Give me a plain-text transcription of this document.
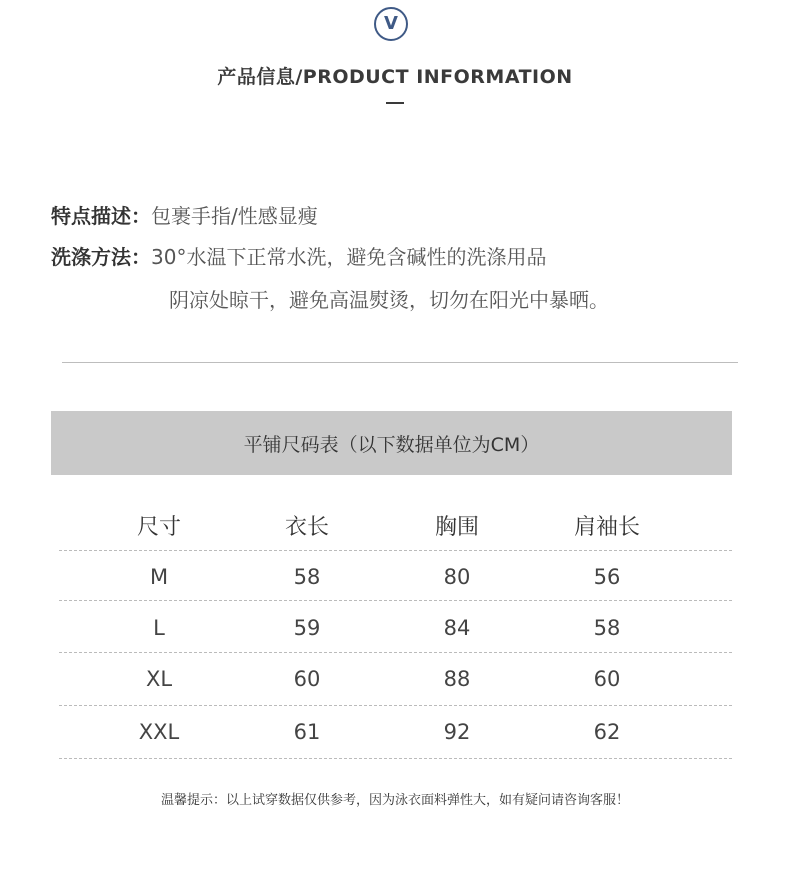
V
产品信息/PRODUCT INFORMATION
特点描述：包裹手指/性感显瘦
洗涤方法：30°水温下正常水洗，避免含碱性的洗涤用品
阴凉处晾干，避免高温熨烫，切勿在阳光中暴晒。
平铺尺码表（以下数据单位为CM）
尺寸	衣长	胸围	肩袖长
M	58	80	56
L	59	84	58
XL	60	88	60
XXL	61	92	62
温馨提示：以上试穿数据仅供参考，因为泳衣面料弹性大，如有疑问请咨询客服！
